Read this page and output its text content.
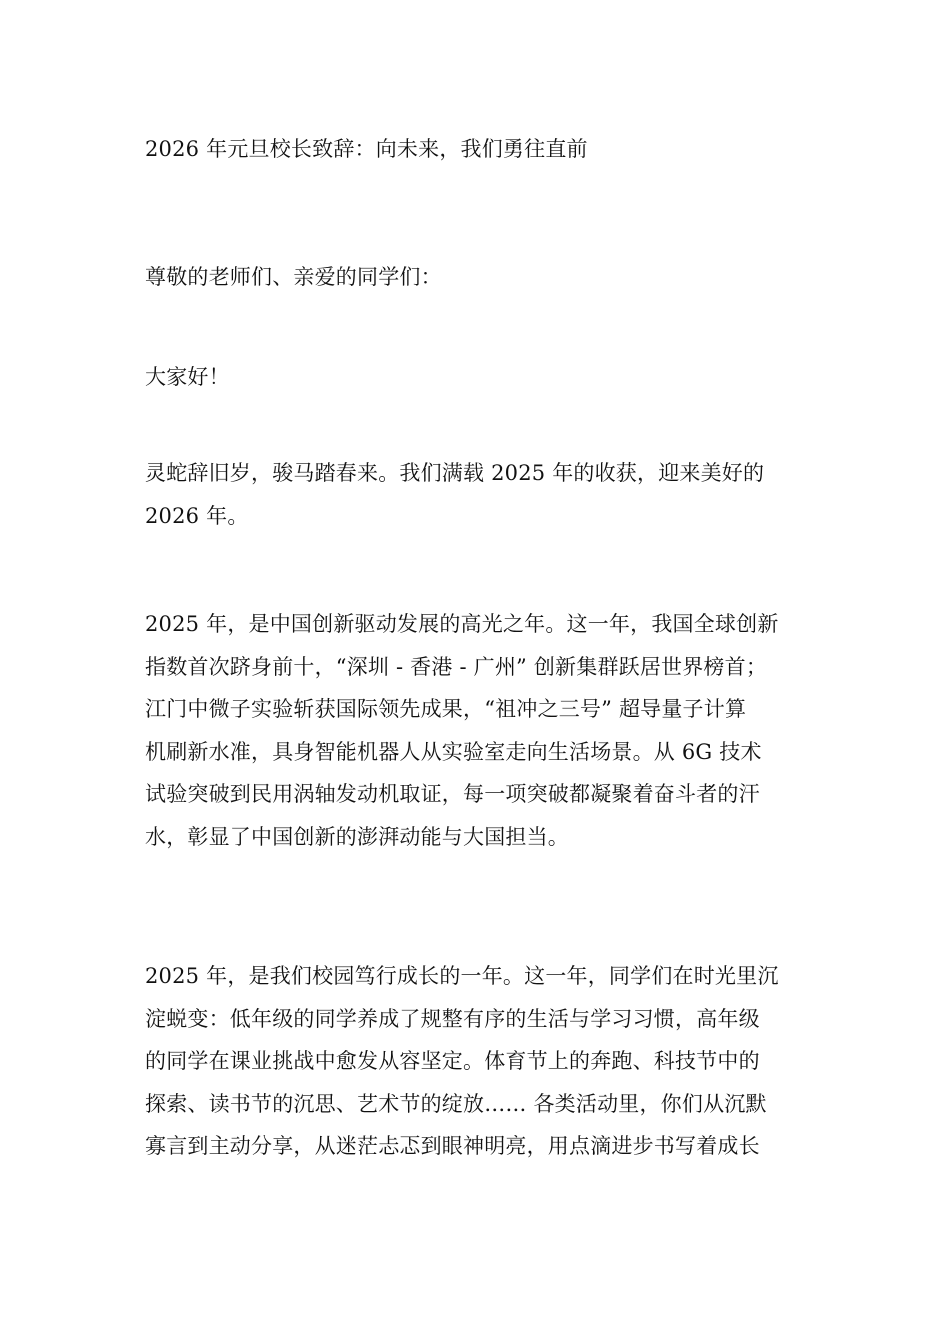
2026 年元旦校长致辞：向未来，我们勇往直前
尊敬的老师们、亲爱的同学们：
大家好！
灵蛇辞旧岁，骏马踏春来。我们满载 2025 年的收获，迎来美好的
2026 年。
2025 年，是中国创新驱动发展的高光之年。这一年，我国全球创新
指数首次跻身前十，“深圳 - 香港 - 广州” 创新集群跃居世界榜首；
江门中微子实验斩获国际领先成果，“祖冲之三号” 超导量子计算
机刷新水准，具身智能机器人从实验室走向生活场景。从 6G 技术
试验突破到民用涡轴发动机取证，每一项突破都凝聚着奋斗者的汗
水，彰显了中国创新的澎湃动能与大国担当。
2025 年，是我们校园笃行成长的一年。这一年，同学们在时光里沉
淀蜕变：低年级的同学养成了规整有序的生活与学习习惯，高年级
的同学在课业挑战中愈发从容坚定。体育节上的奔跑、科技节中的
探索、读书节的沉思、艺术节的绽放…… 各类活动里，你们从沉默
寡言到主动分享，从迷茫忐忑到眼神明亮，用点滴进步书写着成长
